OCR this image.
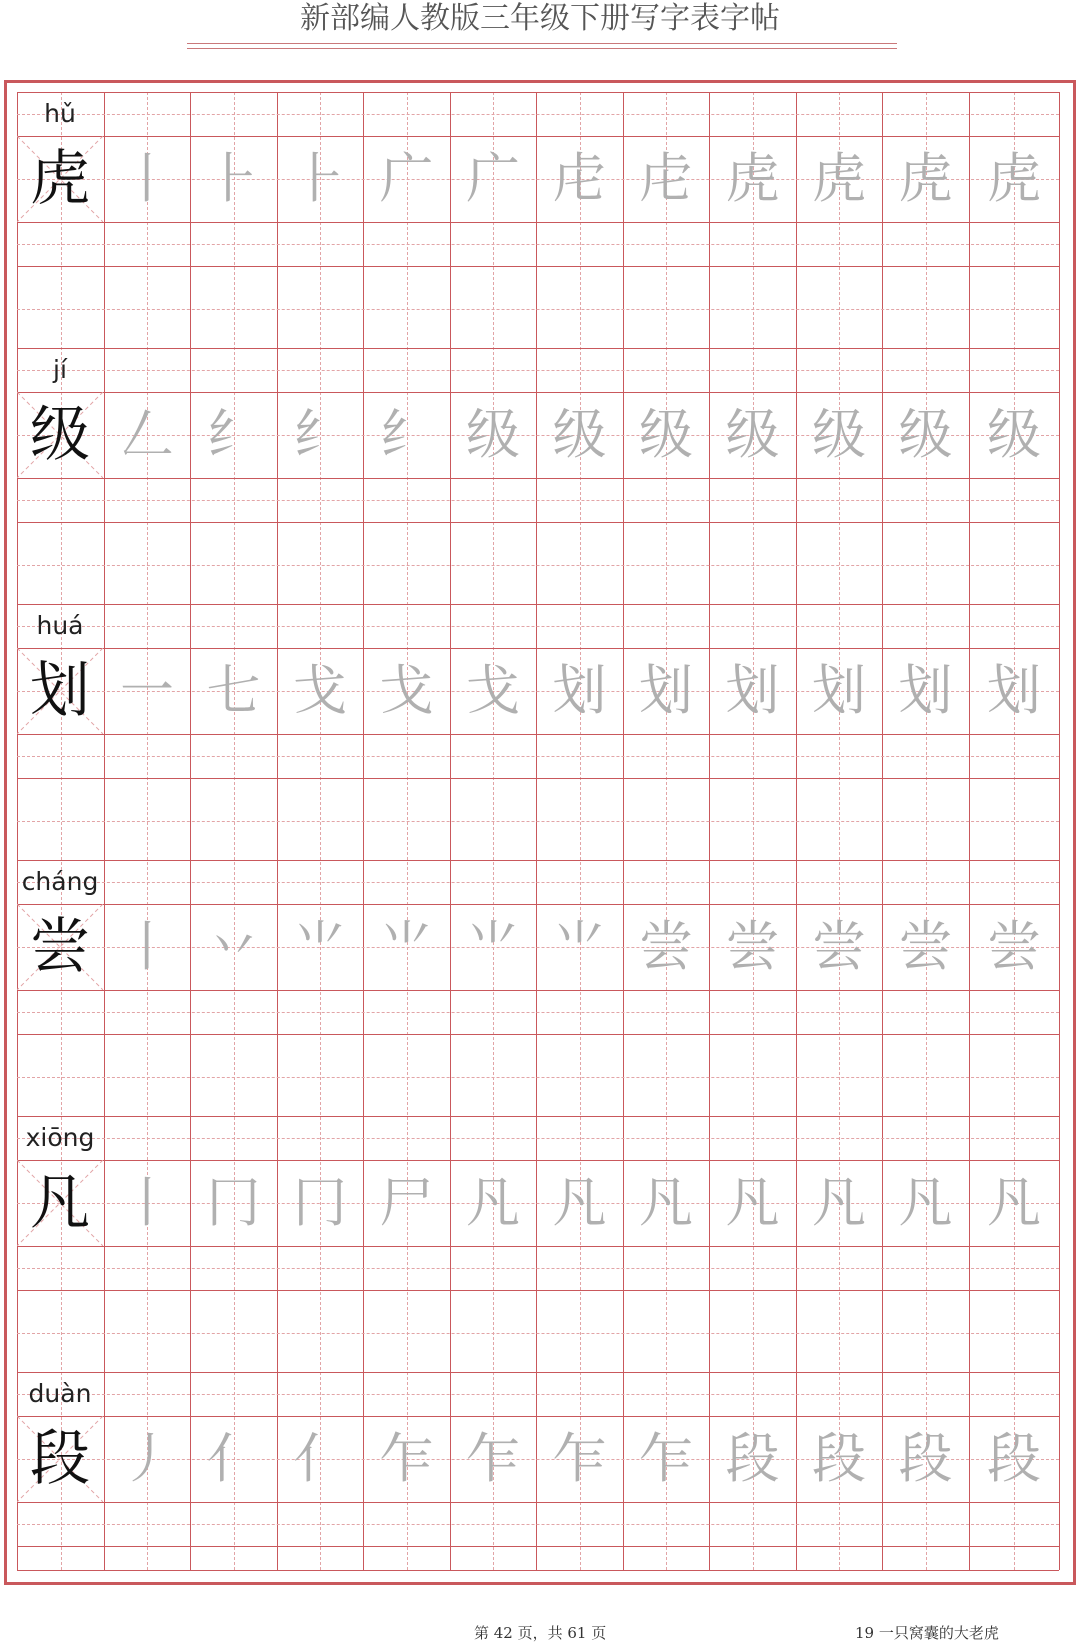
新部编人教版三年级下册写字表字帖
hǔ
虎 丨 ⺊ ⺊ 广 广 虍 虍 虎 虎 虎 虎
jí
级 𠃋 纟 纟 纟 级 级 级 级 级 级 级
huá
划 一 七 戈 戈 戈 划 划 划 划 划 划
cháng
尝 丨 丷 ⺌ ⺌ ⺌ ⺌ 尝 尝 尝 尝 尝
xiōng
凡 丨 冂 冂 尸 凡 凡 凡 凡 凡 凡 凡
duàn
段 丿 亻 亻 乍 乍 乍 乍 段 段 段 段
第 42 页，共 61 页	19 一只窝囊的大老虎
